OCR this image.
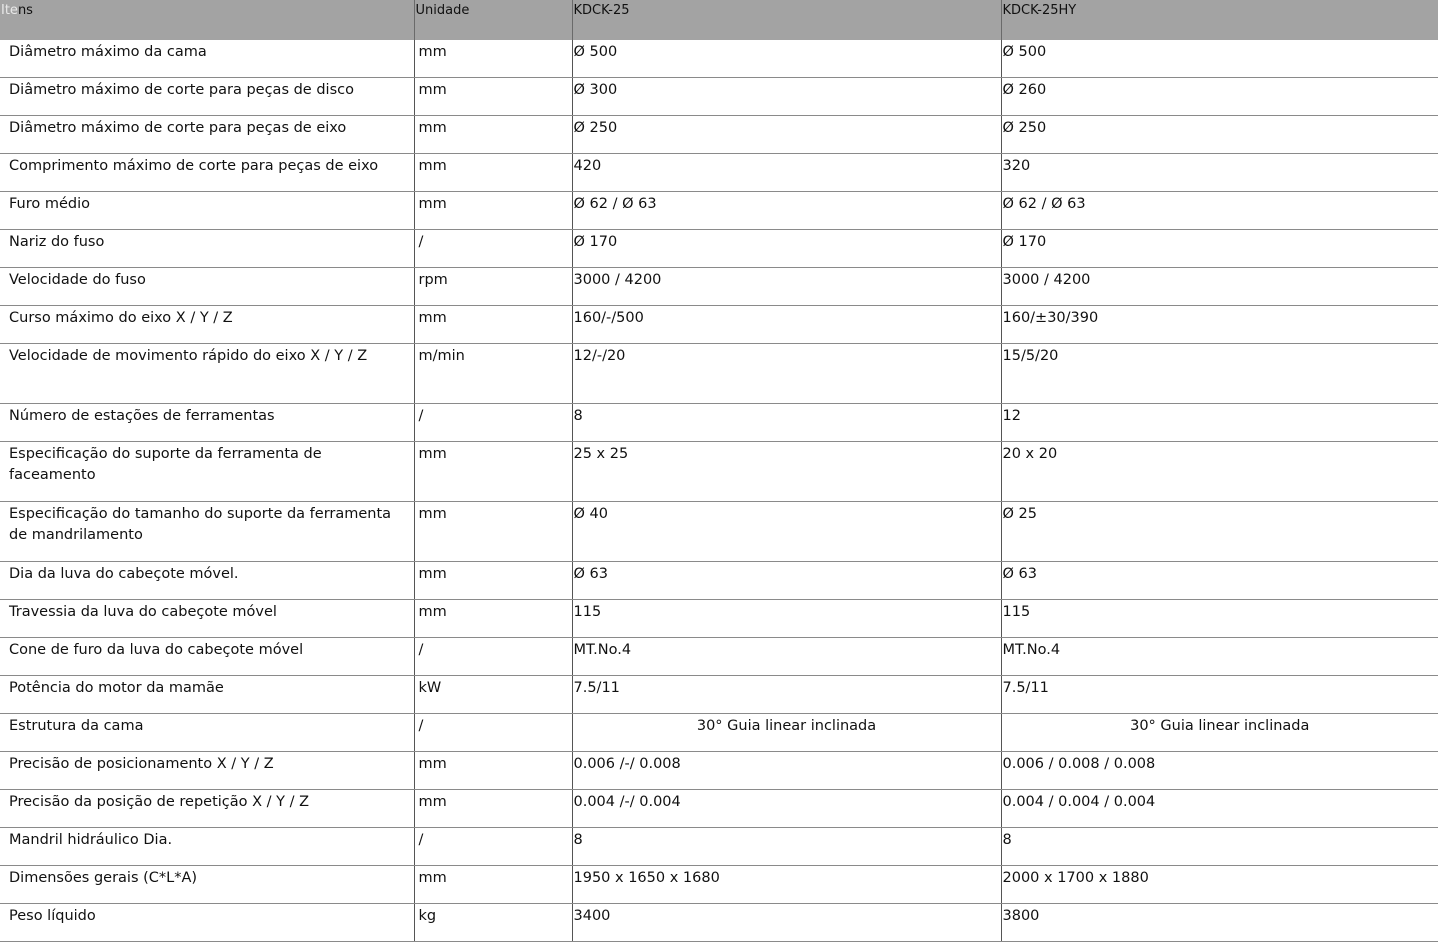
Itens	Unidade	KDCK-25	KDCK-25HY
Diâmetro máximo da cama	mm	Ø 500	Ø 500
Diâmetro máximo de corte para peças de disco	mm	Ø 300	Ø 260
Diâmetro máximo de corte para peças de eixo	mm	Ø 250	Ø 250
Comprimento máximo de corte para peças de eixo	mm	420	320
Furo médio	mm	Ø 62 / Ø 63	Ø 62 / Ø 63
Nariz do fuso	/	Ø 170	Ø 170
Velocidade do fuso	rpm	3000 / 4200	3000 / 4200
Curso máximo do eixo X / Y / Z	mm	160/-/500	160/±30/390
Velocidade de movimento rápido do eixo X / Y / Z	m/min	12/-/20	15/5/20
Número de estações de ferramentas	/	8	12
Especificação do suporte da ferramenta de faceamento	mm	25 x 25	20 x 20
Especificação do tamanho do suporte da ferramenta de mandrilamento	mm	Ø 40	Ø 25
Dia da luva do cabeçote móvel.	mm	Ø 63	Ø 63
Travessia da luva do cabeçote móvel	mm	115	115
Cone de furo da luva do cabeçote móvel	/	MT.No.4	MT.No.4
Potência do motor da mamãe	kW	7.5/11	7.5/11
Estrutura da cama	/	30° Guia linear inclinada	30° Guia linear inclinada
Precisão de posicionamento X / Y / Z	mm	0.006 /-/ 0.008	0.006 / 0.008 / 0.008
Precisão da posição de repetição X / Y / Z	mm	0.004 /-/ 0.004	0.004 / 0.004 / 0.004
Mandril hidráulico Dia.	/	8	8
Dimensões gerais (C*L*A)	mm	1950 x 1650 x 1680	2000 x 1700 x 1880
Peso líquido	kg	3400	3800
